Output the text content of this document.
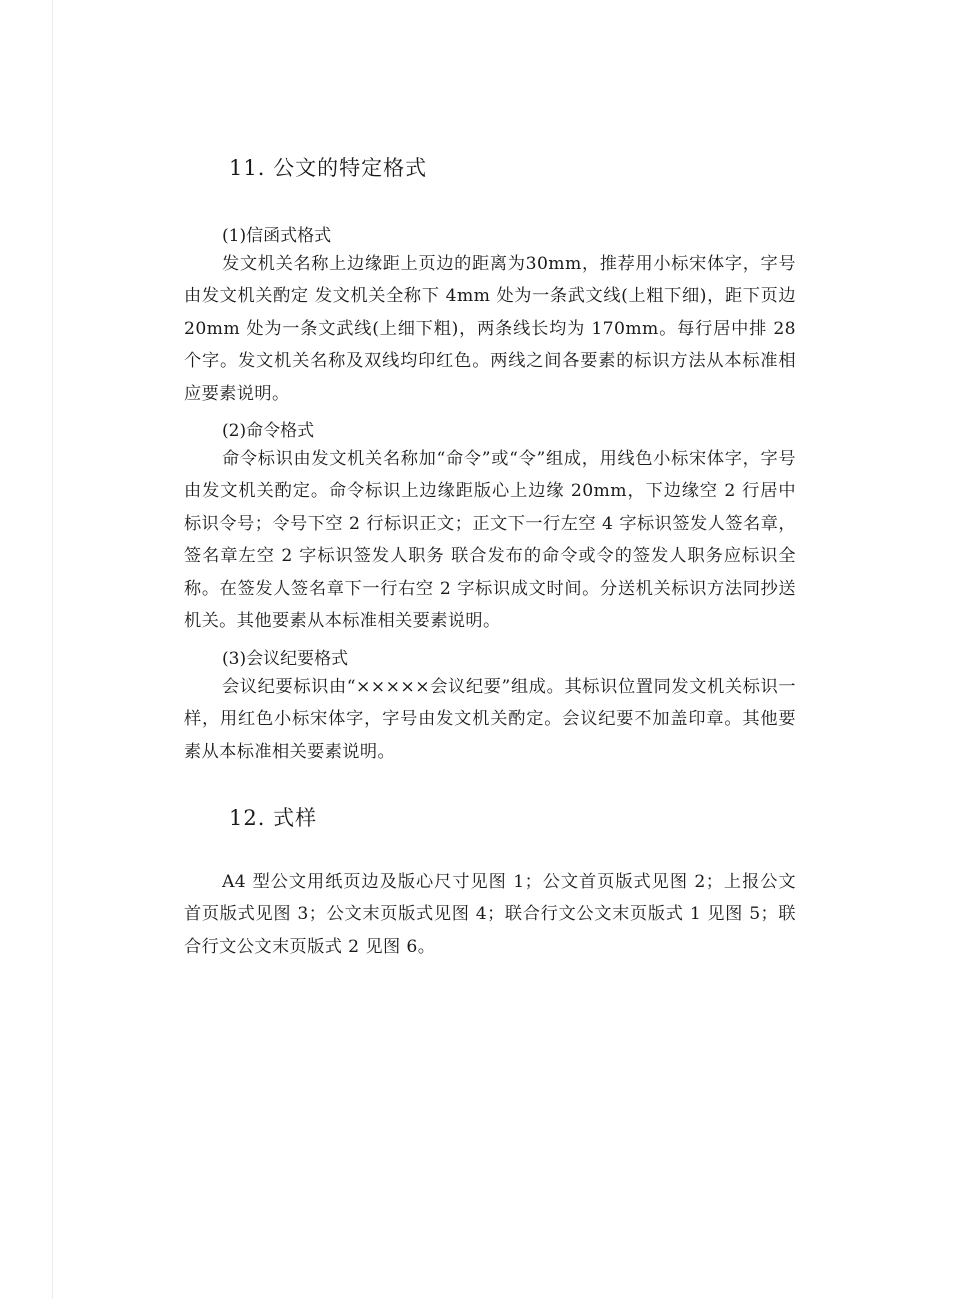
11. 公文的特定格式
(1)信函式格式

发文机关名称上边缘距上页边的距离为30mm，推荐用小标宋体字，字号由发文机关酌定 发文机关全称下 4mm 处为一条武文线(上粗下细)，距下页边 20mm 处为一条文武线(上细下粗)，两条线长均为 170mm。每行居中排 28 个字。发文机关名称及双线均印红色。两线之间各要素的标识方法从本标准相应要素说明。

(2)命令格式

命令标识由发文机关名称加“命令”或“令”组成，用线色小标宋体字，字号由发文机关酌定。命令标识上边缘距版心上边缘 20mm，下边缘空 2 行居中标识令号；令号下空 2 行标识正文；正文下一行左空 4 字标识签发人签名章，签名章左空 2 字标识签发人职务 联合发布的命令或令的签发人职务应标识全称。在签发人签名章下一行右空 2 字标识成文时间。分送机关标识方法同抄送机关。其他要素从本标准相关要素说明。

(3)会议纪要格式

会议纪要标识由“×××××会议纪要”组成。其标识位置同发文机关标识一样，用红色小标宋体字，字号由发文机关酌定。会议纪要不加盖印章。其他要素从本标准相关要素说明。

12. 式样

A4 型公文用纸页边及版心尺寸见图 1；公文首页版式见图 2；上报公文首页版式见图 3；公文末页版式见图 4；联合行文公文末页版式 1 见图 5；联合行文公文末页版式 2 见图 6。
